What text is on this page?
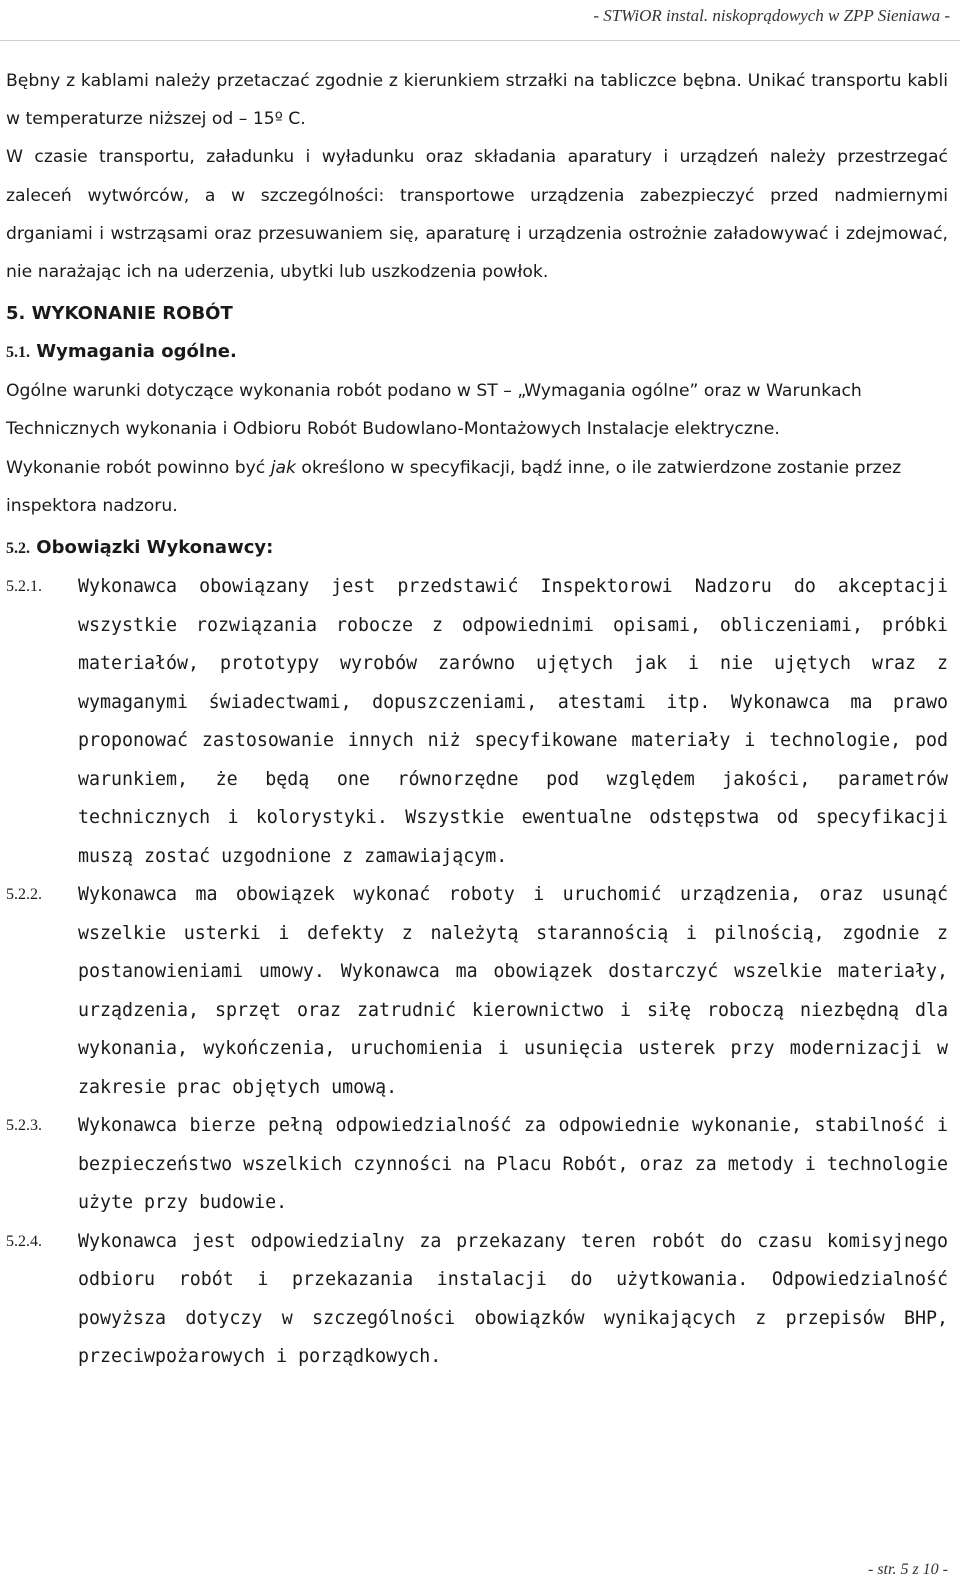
- STWiOR instal. niskoprądowych w ZPP Sieniawa -

Bębny z kablami należy przetaczać zgodnie z kierunkiem strzałki na tabliczce bębna. Unikać transportu kabli w temperaturze niższej od – 15º C.

W czasie transportu, załadunku i wyładunku oraz składania aparatury i urządzeń należy przestrzegać zaleceń wytwórców, a w szczególności: transportowe urządzenia zabezpieczyć przed nadmiernymi drganiami i wstrząsami oraz przesuwaniem się, aparaturę i urządzenia ostrożnie załadowywać i zdejmować, nie narażając ich na uderzenia, ubytki lub uszkodzenia powłok.

5. WYKONANIE ROBÓT

5.1. Wymagania ogólne.

Ogólne warunki dotyczące wykonania robót podano w ST – „Wymagania ogólne” oraz w Warunkach Technicznych wykonania i Odbioru Robót Budowlano-Montażowych Instalacje elektryczne.

Wykonanie robót powinno być jak określono w specyfikacji, bądź inne, o ile zatwierdzone zostanie przez inspektora nadzoru.

5.2. Obowiązki Wykonawcy:

5.2.1.	Wykonawca obowiązany jest przedstawić Inspektorowi Nadzoru do akceptacji wszystkie rozwiązania robocze z odpowiednimi opisami, obliczeniami, próbki materiałów, prototypy wyrobów zarówno ujętych jak i nie ujętych wraz z wymaganymi świadectwami, dopuszczeniami, atestami itp. Wykonawca ma prawo proponować zastosowanie innych niż specyfikowane materiały i technologie, pod warunkiem, że będą one równorzędne pod względem jakości, parametrów technicznych i kolorystyki. Wszystkie ewentualne odstępstwa od specyfikacji muszą zostać uzgodnione z zamawiającym.
5.2.2.	Wykonawca ma obowiązek wykonać roboty i uruchomić urządzenia, oraz usunąć wszelkie usterki i defekty z należytą starannością i pilnością, zgodnie z postanowieniami umowy. Wykonawca ma obowiązek dostarczyć wszelkie materiały, urządzenia, sprzęt oraz zatrudnić kierownictwo i siłę roboczą niezbędną dla wykonania, wykończenia, uruchomienia i usunięcia usterek przy modernizacji w zakresie prac objętych umową.
5.2.3.	Wykonawca bierze pełną odpowiedzialność za odpowiednie wykonanie, stabilność i bezpieczeństwo wszelkich czynności na Placu Robót, oraz za metody i technologie użyte przy budowie.
5.2.4.	Wykonawca jest odpowiedzialny za przekazany teren robót do czasu komisyjnego odbioru robót i przekazania instalacji do użytkowania. Odpowiedzialność powyższa dotyczy w szczególności obowiązków wynikających z przepisów BHP, przeciwpożarowych i porządkowych.
- str. 5 z 10 -
